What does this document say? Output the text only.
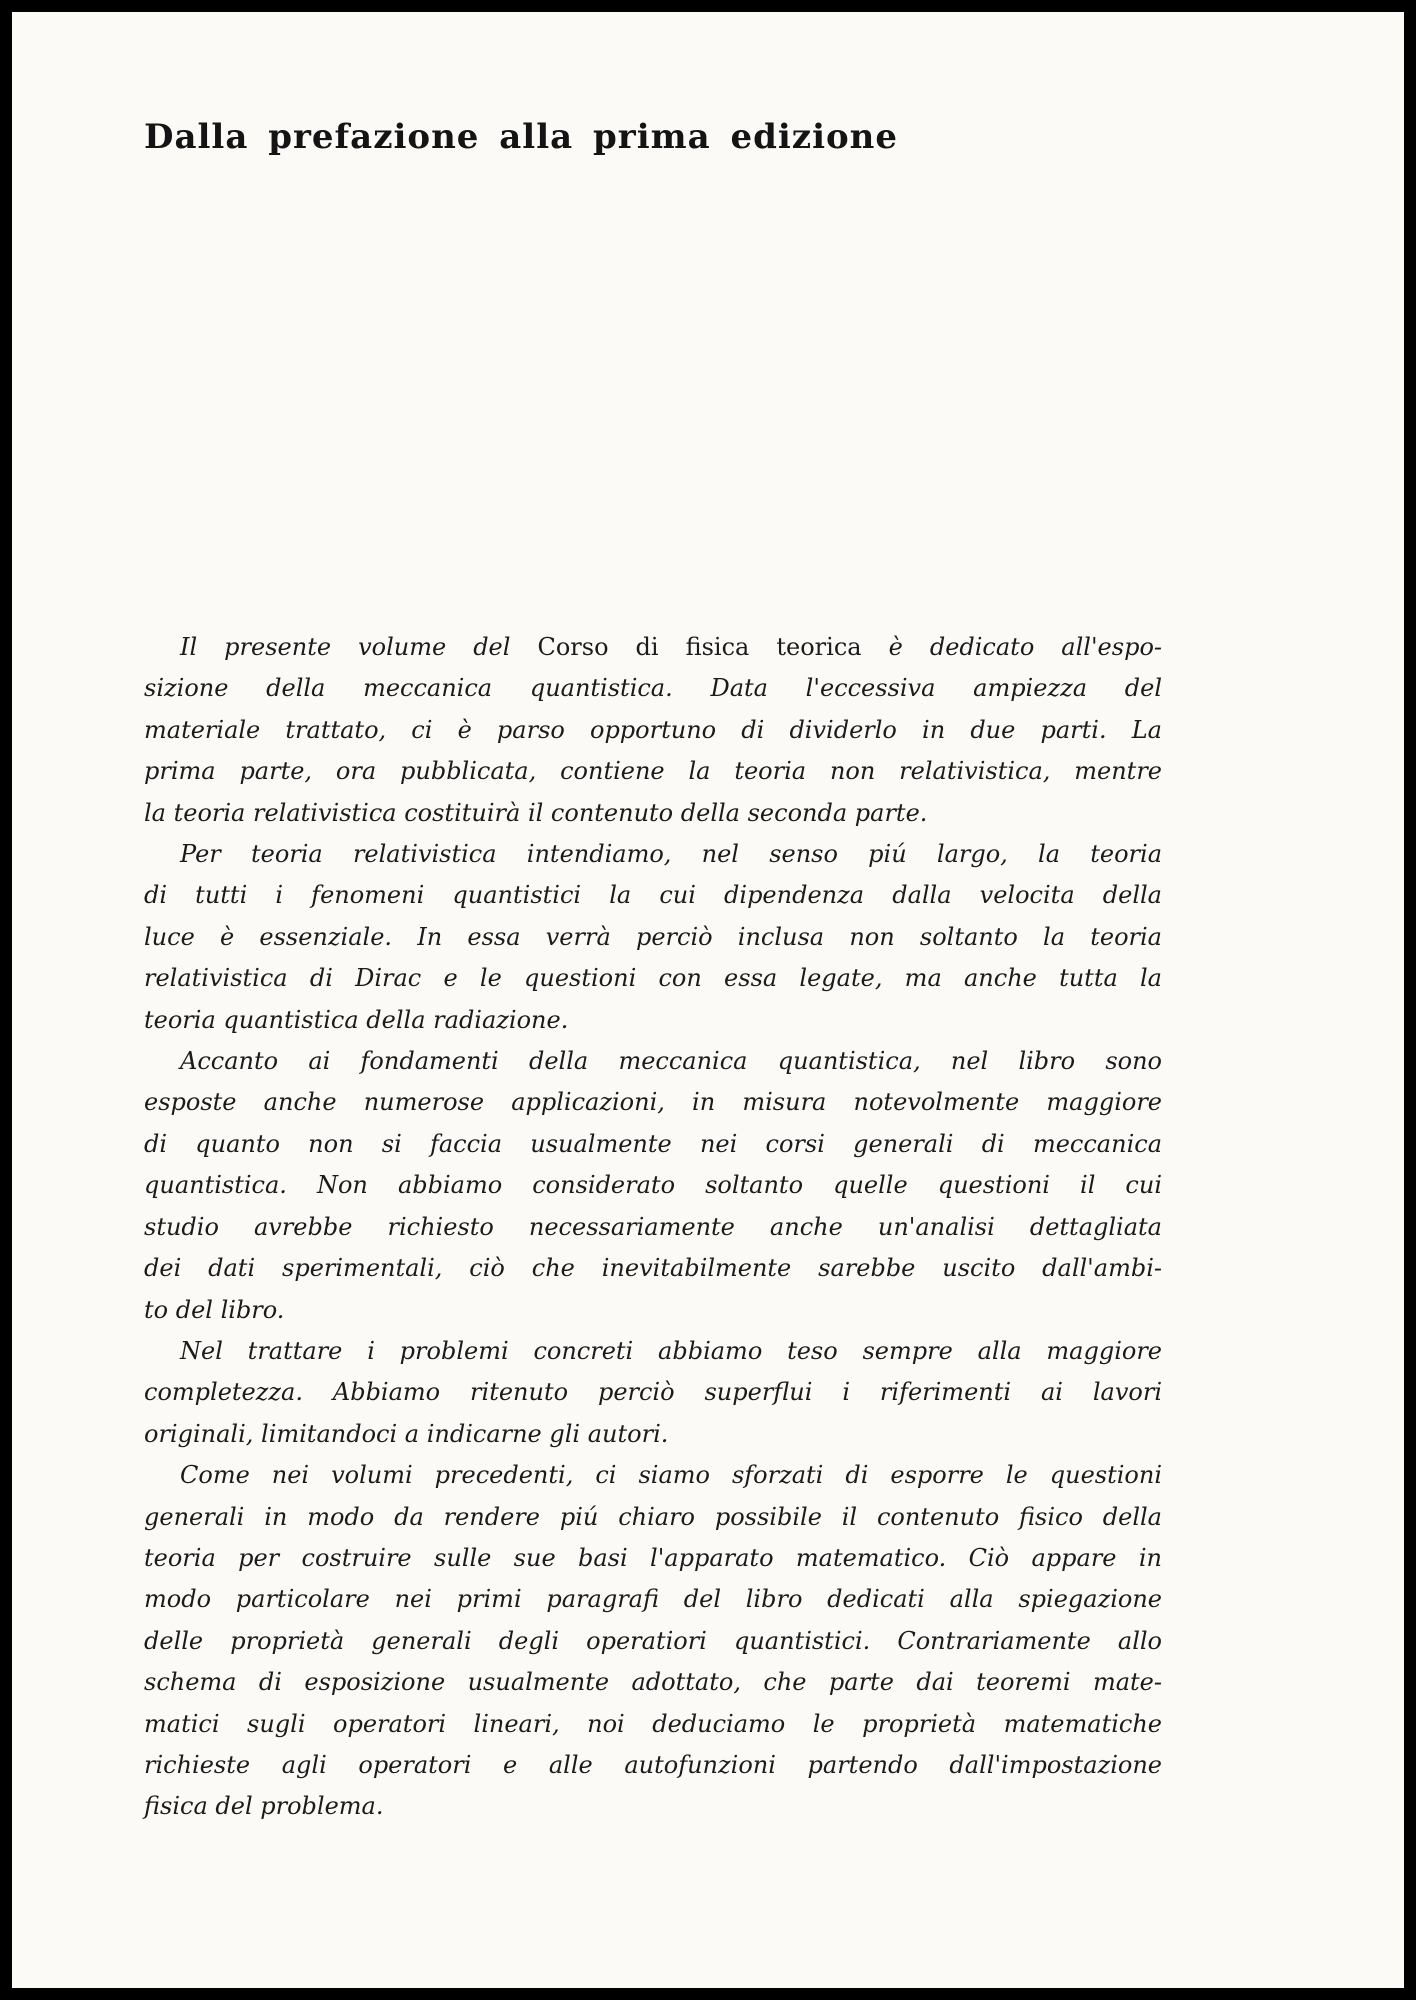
Dalla prefazione alla prima edizione
Il presente volume del Corso di fisica teorica è dedicato all'espo-
sizione della meccanica quantistica. Data l'eccessiva ampiezza del
materiale trattato, ci è parso opportuno di dividerlo in due parti. La
prima parte, ora pubblicata, contiene la teoria non relativistica, mentre
la teoria relativistica costituirà il contenuto della seconda parte.
Per teoria relativistica intendiamo, nel senso piú largo, la teoria
di tutti i fenomeni quantistici la cui dipendenza dalla velocita della
luce è essenziale. In essa verrà perciò inclusa non soltanto la teoria
relativistica di Dirac e le questioni con essa legate, ma anche tutta la
teoria quantistica della radiazione.
Accanto ai fondamenti della meccanica quantistica, nel libro sono
esposte anche numerose applicazioni, in misura notevolmente maggiore
di quanto non si faccia usualmente nei corsi generali di meccanica
quantistica. Non abbiamo considerato soltanto quelle questioni il cui
studio avrebbe richiesto necessariamente anche un'analisi dettagliata
dei dati sperimentali, ciò che inevitabilmente sarebbe uscito dall'ambi-
to del libro.
Nel trattare i problemi concreti abbiamo teso sempre alla maggiore
completezza. Abbiamo ritenuto perciò superflui i riferimenti ai lavori
originali, limitandoci a indicarne gli autori.
Come nei volumi precedenti, ci siamo sforzati di esporre le questioni
generali in modo da rendere piú chiaro possibile il contenuto fisico della
teoria per costruire sulle sue basi l'apparato matematico. Ciò appare in
modo particolare nei primi paragrafi del libro dedicati alla spiegazione
delle proprietà generali degli operatiori quantistici. Contrariamente allo
schema di esposizione usualmente adottato, che parte dai teoremi mate-
matici sugli operatori lineari, noi deduciamo le proprietà matematiche
richieste agli operatori e alle autofunzioni partendo dall'impostazione
fisica del problema.
